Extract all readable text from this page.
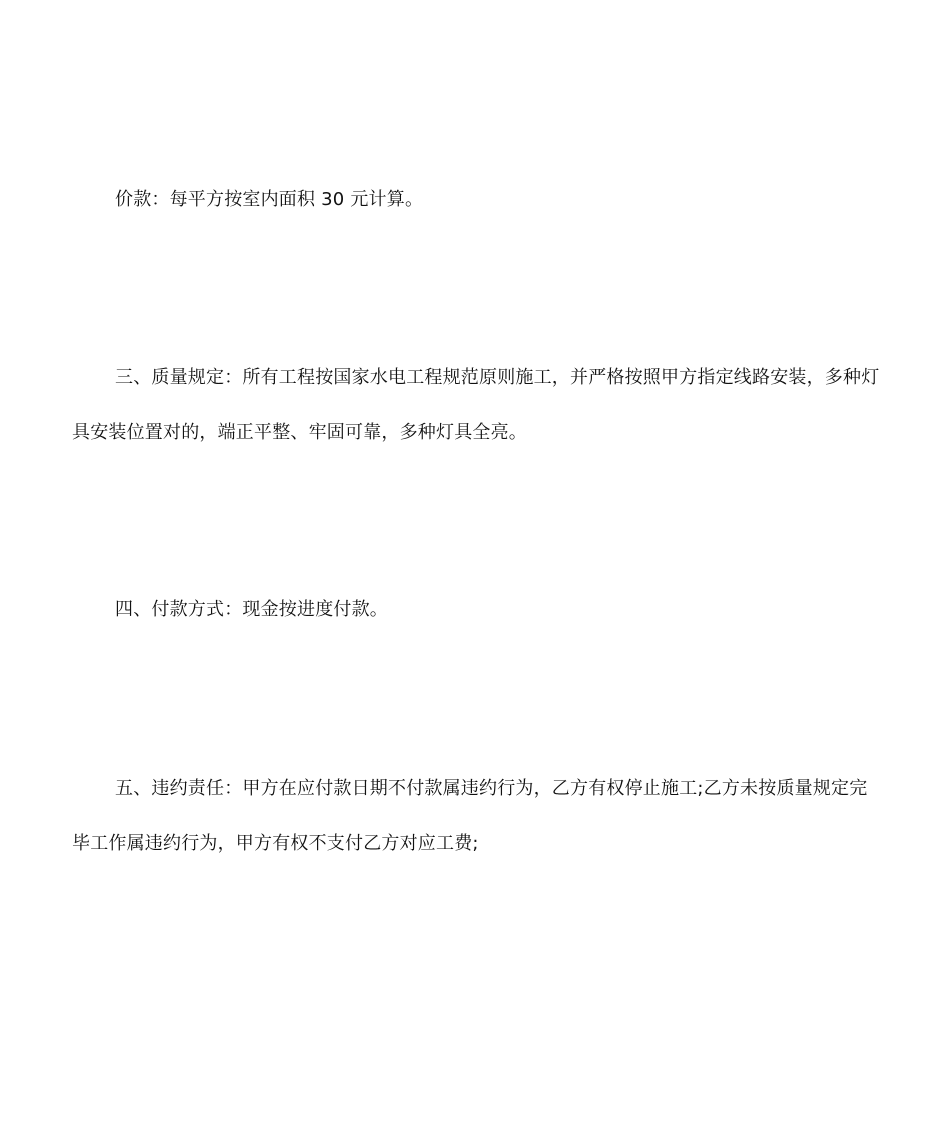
价款：每平方按室内面积 30 元计算。

三、质量规定：所有工程按国家水电工程规范原则施工，并严格按照甲方指定线路安装，多种灯具安装位置对的，端正平整、牢固可靠，多种灯具全亮。

四、付款方式：现金按进度付款。

五、违约责任：甲方在应付款日期不付款属违约行为，乙方有权停止施工;乙方未按质量规定完毕工作属违约行为，甲方有权不支付乙方对应工费;
